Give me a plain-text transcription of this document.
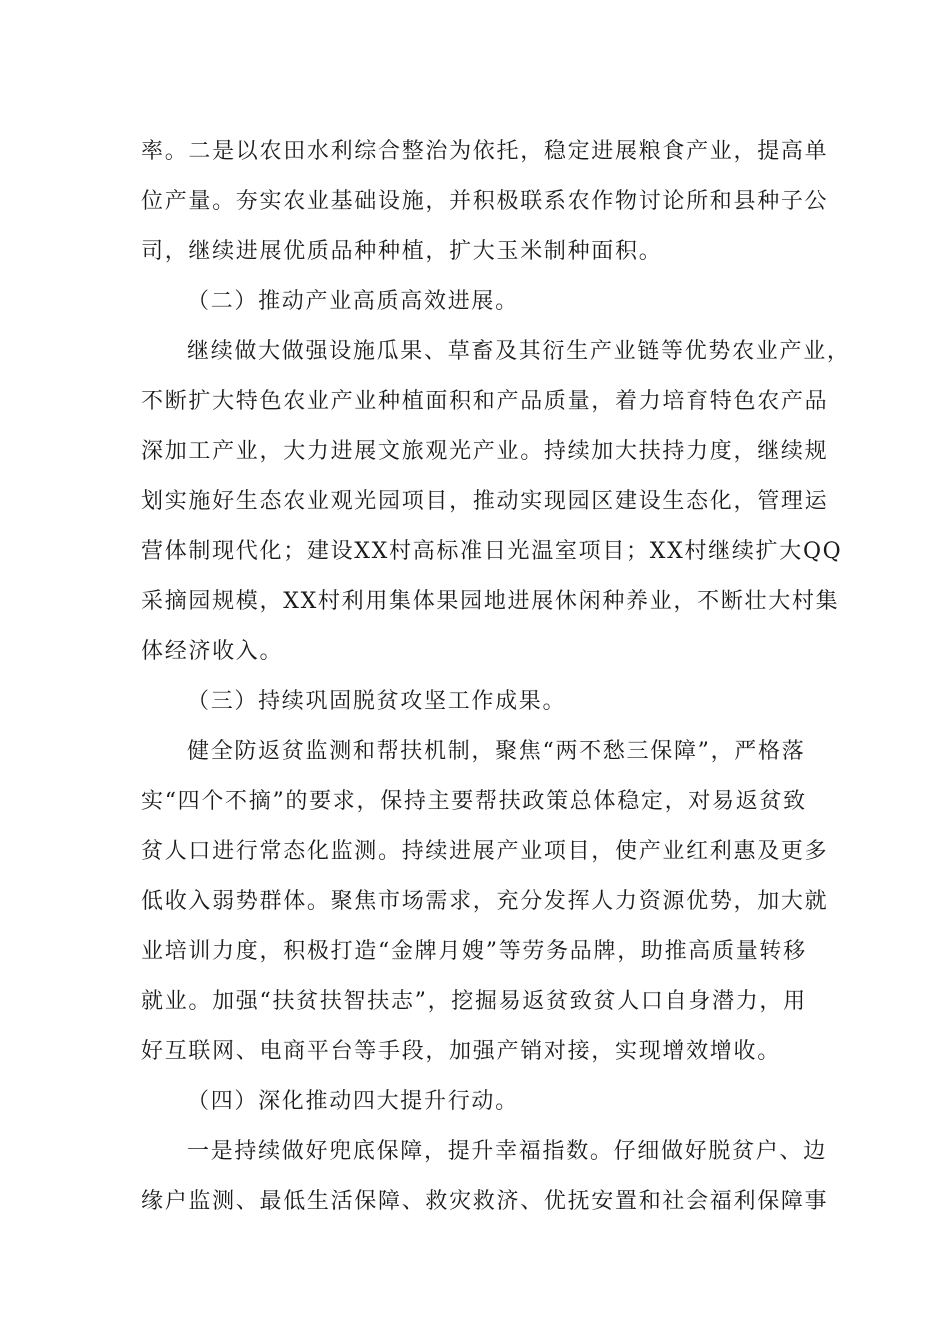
率。二是以农田水利综合整治为依托，稳定进展粮食产业，提高单
位产量。夯实农业基础设施，并积极联系农作物讨论所和县种子公
司，继续进展优质品种种植，扩大玉米制种面积。
（二）推动产业高质高效进展。
继续做大做强设施瓜果、草畜及其衍生产业链等优势农业产业，
不断扩大特色农业产业种植面积和产品质量，着力培育特色农产品
深加工产业，大力进展文旅观光产业。持续加大扶持力度，继续规
划实施好生态农业观光园项目，推动实现园区建设生态化，管理运
营体制现代化；建设XX村高标准日光温室项目；XX村继续扩大QQ
采摘园规模，XX村利用集体果园地进展休闲种养业，不断壮大村集
体经济收入。
（三）持续巩固脱贫攻坚工作成果。
健全防返贫监测和帮扶机制，聚焦“两不愁三保障”，严格落
实“四个不摘”的要求，保持主要帮扶政策总体稳定，对易返贫致
贫人口进行常态化监测。持续进展产业项目，使产业红利惠及更多
低收入弱势群体。聚焦市场需求，充分发挥人力资源优势，加大就
业培训力度，积极打造“金牌月嫂”等劳务品牌，助推高质量转移
就业。加强“扶贫扶智扶志”，挖掘易返贫致贫人口自身潜力，用
好互联网、电商平台等手段，加强产销对接，实现增效增收。
（四）深化推动四大提升行动。
一是持续做好兜底保障，提升幸福指数。仔细做好脱贫户、边
缘户监测、最低生活保障、救灾救济、优抚安置和社会福利保障事
